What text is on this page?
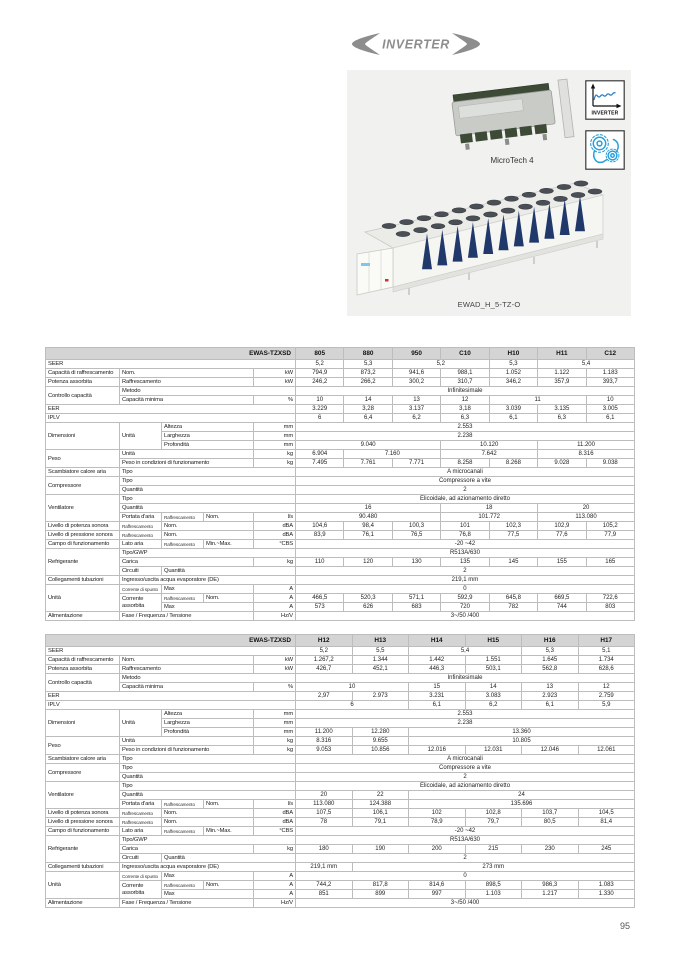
INVERTER
MicroTech 4
INVERTER
EWAD_H_5-TZ-O
EWAS-TZXSD					805	880	950	C10	H10	H11	C12
SEER					5,2	5,3	5,2		5,3	5,4	
Capacità di raffrescamento	Nom.			kW	794,9	873,2	941,6	988,1	1.052	1.122	1.183
Potenza assorbita	Raffrescamento			kW	246,2	266,2	300,2	310,7	346,2	357,9	393,7
Controllo capacità	Metodo				Infinitesimale						
	Capacità minima			%	10	14	13	12	11		10
EER					3.229	3,28	3.137	3,18	3.039	3.135	3.005
IPLV					6	6,4	6,2	6,3	6,1	6,3	6,1
Dimensioni	Unità	Altezza		mm	2.553						
		Larghezza		mm	2.238						
		Profondità		mm	9.040			10.120		11.200	
Peso	Unità			kg	6.904	7.160		7.642		8.316	
	Peso in condizioni di funzionamento			kg	7.495	7.761	7.771	8.258	8.268	9.028	9.038
Scambiatore calore aria	Tipo				A microcanali						
Compressore	Tipo				Compressore a vite						
	Quantità				2						
Ventilatore	Tipo				Elicoidale, ad azionamento diretto						
	Quantità				16			18		20	
	Portata d'aria	Raffrescamento	Nom.	l/s	90.480			101.772		113.080	
Livello di potenza sonora	Raffrescamento	Nom.		dBA	104,6	98,4	100,3	101	102,3	102,9	105,2
Livello di pressione sonora	Raffrescamento	Nom.		dBA	83,9	76,1	76,5	76,8	77,5	77,6	77,9
Campo di funzionamento	Lato aria	Raffrescamento	Min.~Max.	°CBS	-20 ~42						
Refrigerante	Tipo/GWP				R513A/630						
	Carica			kg	110	120	130	135	145	155	165
	Circuiti	Quantità			2						
Collegamenti tubazioni	Ingresso/uscita acqua evaporatore (DE)				219,1 mm						
Unità	Corrente di spunto	Max		A	0						
	Corrente assorbita	Raffrescamento	Nom.	A	466,5	520,3	571,1	592,9	645,8	669,5	722,6
		Max		A	573	626	683	720	782	744	803
Alimentazione	Fase / Frequenza / Tensione			Hz/V	3~/50 /400						
EWAS-TZXSD					H12	H13	H14	H15	H16	H17
SEER					5,2	5,5	5,4		5,3	5,1
Capacità di raffrescamento	Nom.			kW	1.267,2	1.344	1.442	1.551	1.645	1.734
Potenza assorbita	Raffrescamento			kW	426,7	452,1	446,3	503,1	562,8	628,6
Controllo capacità	Metodo				Infinitesimale					
	Capacità minima			%	10		15	14	13	12
EER					2,97	2.973	3.231	3.083	2.923	2.759
IPLV					6		6,1	6,2	6,1	5,9
Dimensioni	Unità	Altezza		mm	2.553					
		Larghezza		mm	2.238					
		Profondità		mm	11.200	12.280	13.360			
Peso	Unità			kg	8.316	9.655	10.805			
	Peso in condizioni di funzionamento			kg	9.053	10.856	12.016	12.031	12.046	12.061
Scambiatore calore aria	Tipo				A microcanali					
Compressore	Tipo				Compressore a vite					
	Quantità				2					
Ventilatore	Tipo				Elicoidale, ad azionamento diretto					
	Quantità				20	22	24			
	Portata d'aria	Raffrescamento	Nom.	l/s	113.080	124.388	135.696			
Livello di potenza sonora	Raffrescamento	Nom.		dBA	107,5	106,1	102	102,8	103,7	104,5
Livello di pressione sonora	Raffrescamento	Nom.		dBA	78	79,1	78,9	79,7	80,5	81,4
Campo di funzionamento	Lato aria	Raffrescamento	Min.~Max.	°CBS	-20 ~42					
Refrigerante	Tipo/GWP				R513A/630					
	Carica			kg	180	190	200	215	230	245
	Circuiti	Quantità			2					
Collegamenti tubazioni	Ingresso/uscita acqua evaporatore (DE)				219,1 mm	273 mm				
Unità	Corrente di spunto	Max		A	0					
	Corrente assorbita	Raffrescamento	Nom.	A	744,2	817,8	814,6	898,5	986,3	1.083
		Max		A	851	899	997	1.103	1.217	1.330
Alimentazione	Fase / Frequenza / Tensione			Hz/V	3~/50 /400					
95
